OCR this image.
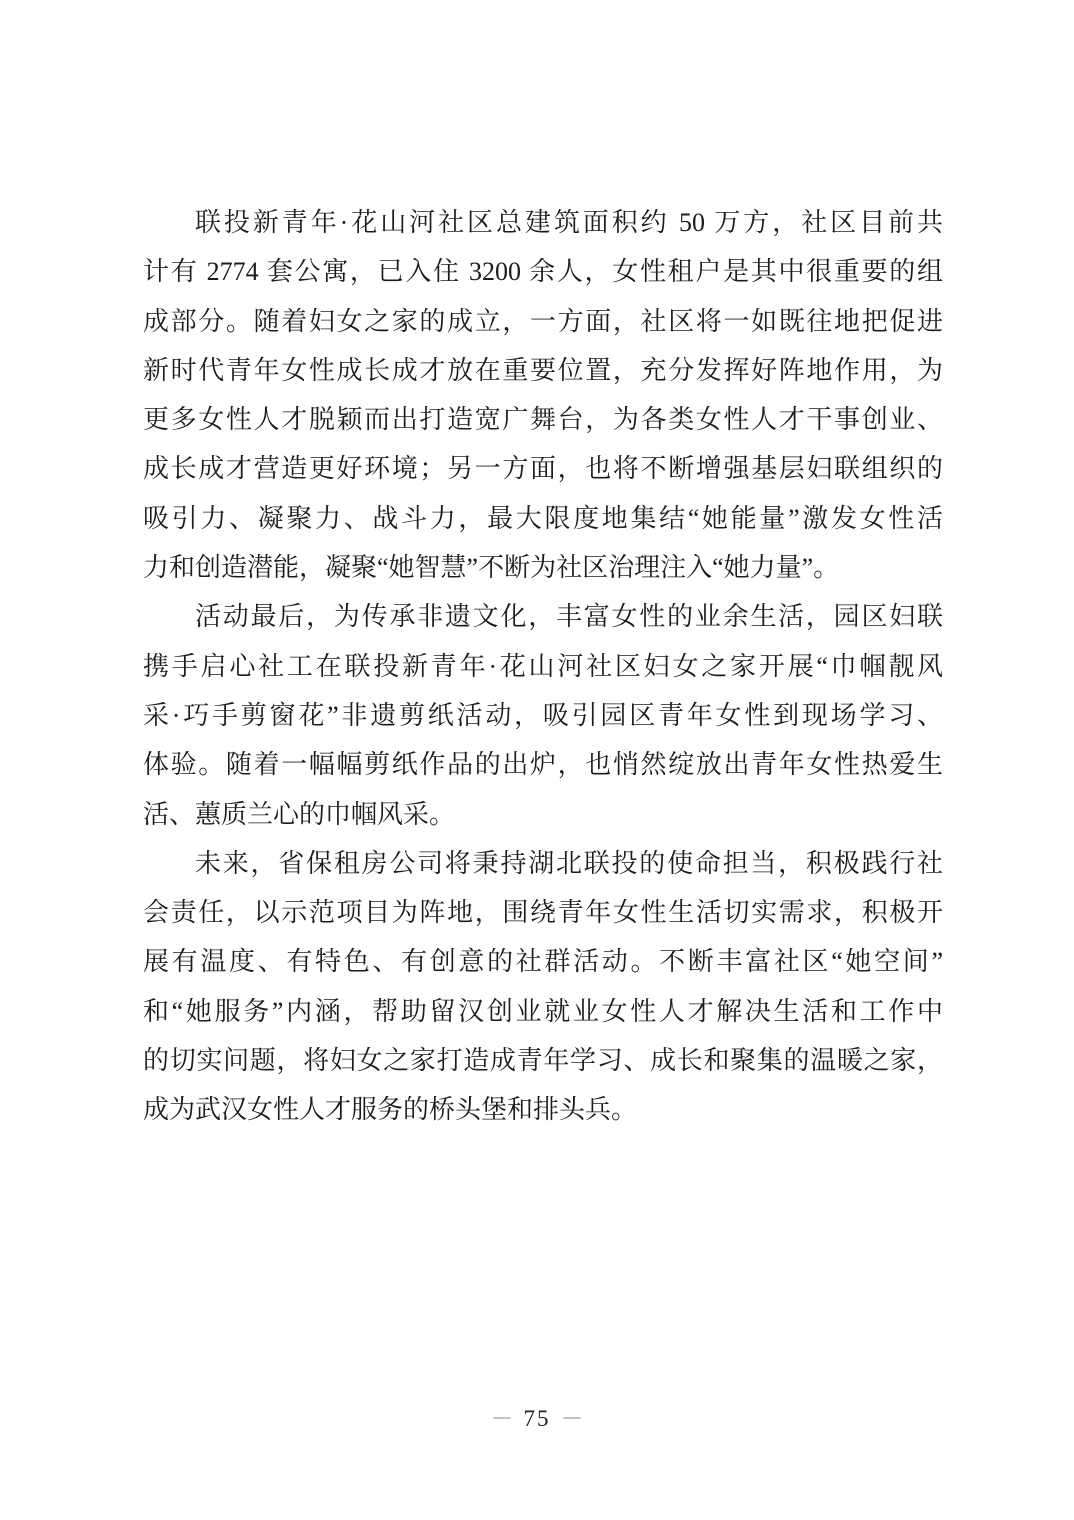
联投新青年·花山河社区总建筑面积约 50 万方，社区目前共
计有 2774 套公寓，已入住 3200 余人，女性租户是其中很重要的组
成部分。随着妇女之家的成立，一方面，社区将一如既往地把促进
新时代青年女性成长成才放在重要位置，充分发挥好阵地作用，为
更多女性人才脱颖而出打造宽广舞台，为各类女性人才干事创业、
成长成才营造更好环境；另一方面，也将不断增强基层妇联组织的
吸引力、凝聚力、战斗力，最大限度地集结“她能量”激发女性活
力和创造潜能，凝聚“她智慧”不断为社区治理注入“她力量”。
活动最后，为传承非遗文化，丰富女性的业余生活，园区妇联
携手启心社工在联投新青年·花山河社区妇女之家开展“巾帼靓风
采·巧手剪窗花”非遗剪纸活动，吸引园区青年女性到现场学习、
体验。随着一幅幅剪纸作品的出炉，也悄然绽放出青年女性热爱生
活、蕙质兰心的巾帼风采。
未来，省保租房公司将秉持湖北联投的使命担当，积极践行社
会责任，以示范项目为阵地，围绕青年女性生活切实需求，积极开
展有温度、有特色、有创意的社群活动。不断丰富社区“她空间”
和“她服务”内涵，帮助留汉创业就业女性人才解决生活和工作中
的切实问题，将妇女之家打造成青年学习、成长和聚集的温暖之家，
成为武汉女性人才服务的桥头堡和排头兵。
－ 75 －
